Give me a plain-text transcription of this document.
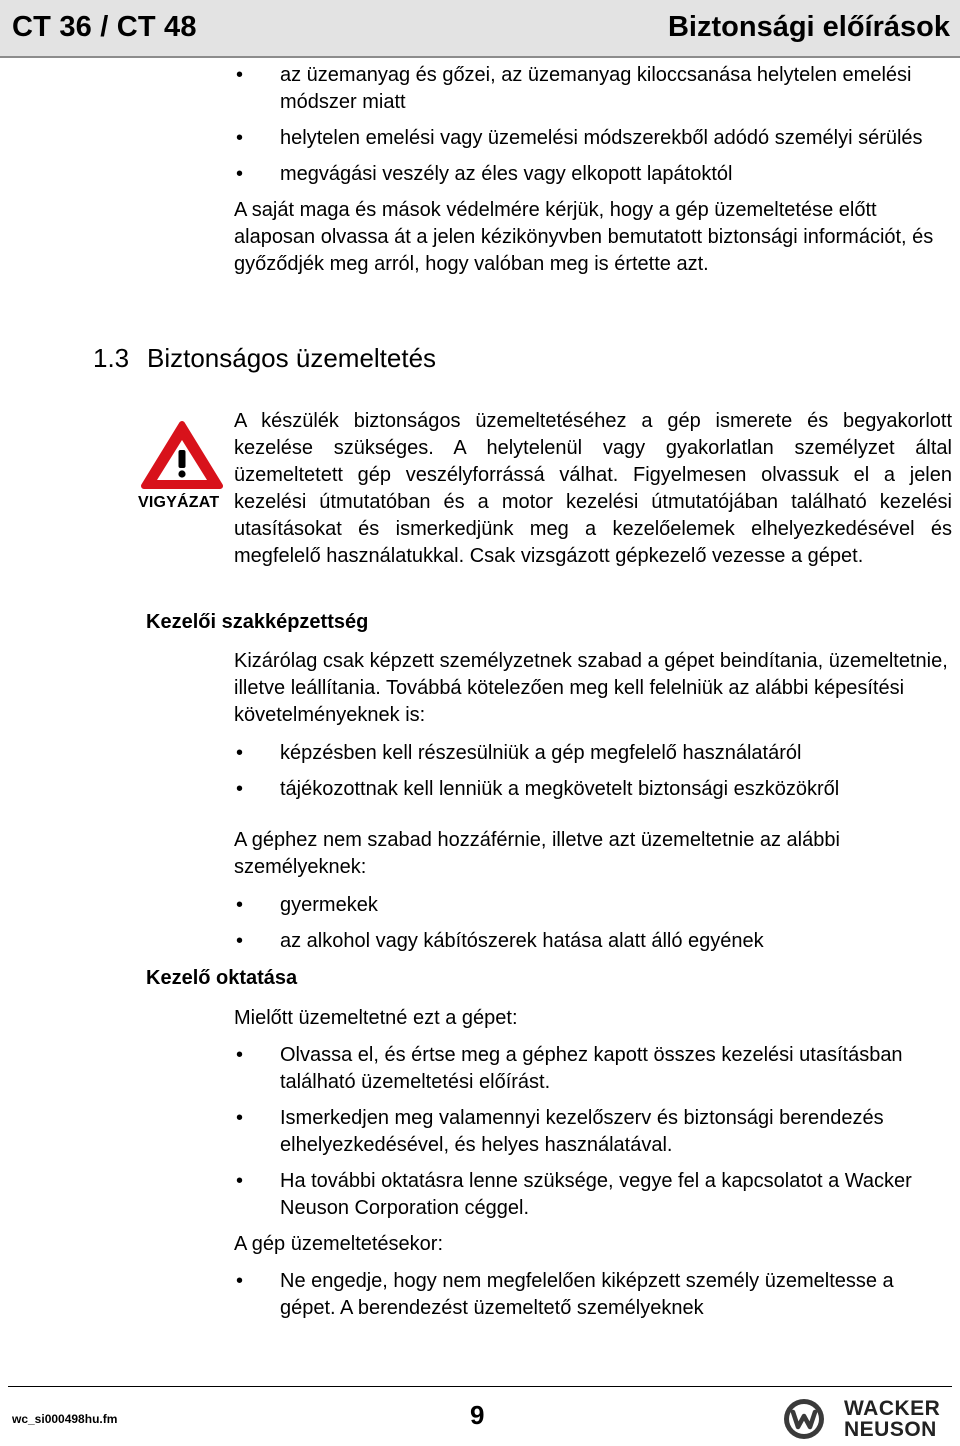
CT 36 / CT 48	Biztonsági előírások
• az üzemanyag és gőzei, az üzemanyag kiloccsanása helytelen emelési módszer miatt
• helytelen emelési vagy üzemelési módszerekből adódó személyi sérülés
• megvágási veszély az éles vagy elkopott lapátoktól

A saját maga és mások védelmére kérjük, hogy a gép üzemeltetése előtt alaposan olvassa át a jelen kézikönyvben bemutatott biztonsági információt, és győződjék meg arról, hogy valóban meg is értette azt.

1.3 Biztonságos üzemeltetés
VIGYÁZAT

A készülék biztonságos üzemeltetéséhez a gép ismerete és begyakorlott kezelése szükséges. A helytelenül vagy gyakorlatlan személyzet által üzemeltetett gép veszélyforrássá válhat. Figyelmesen olvassuk el a jelen kezelési útmutatóban és a motor kezelési útmutatójában található kezelési utasításokat és ismerkedjünk meg a kezelőelemek elhelyezkedésével és megfelelő használatukkal. Csak vizsgázott gépkezelő vezesse a gépet.

Kezelői szakképzettség

Kizárólag csak képzett személyzetnek szabad a gépet beindítania, üzemeltetnie, illetve leállítania. Továbbá kötelezően meg kell felelniük az alábbi képesítési követelményeknek is:

• képzésben kell részesülniük a gép megfelelő használatáról
• tájékozottnak kell lenniük a megkövetelt biztonsági eszközökről

A géphez nem szabad hozzáférnie, illetve azt üzemeltetnie az alábbi személyeknek:

• gyermekek
• az alkohol vagy kábítószerek hatása alatt álló egyének
Kezelő oktatása

Mielőtt üzemeltetné ezt a gépet:

• Olvassa el, és értse meg a géphez kapott összes kezelési utasításban található üzemeltetési előírást.
• Ismerkedjen meg valamennyi kezelőszerv és biztonsági berendezés elhelyezkedésével, és helyes használatával.
• Ha további oktatásra lenne szüksége, vegye fel a kapcsolatot a Wacker Neuson Corporation céggel.

A gép üzemeltetésekor:

• Ne engedje, hogy nem megfelelően kiképzett személy üzemeltesse a gépet. A berendezést üzemeltető személyeknek
wc_si000498hu.fm	9	WACKER
NEUSON
